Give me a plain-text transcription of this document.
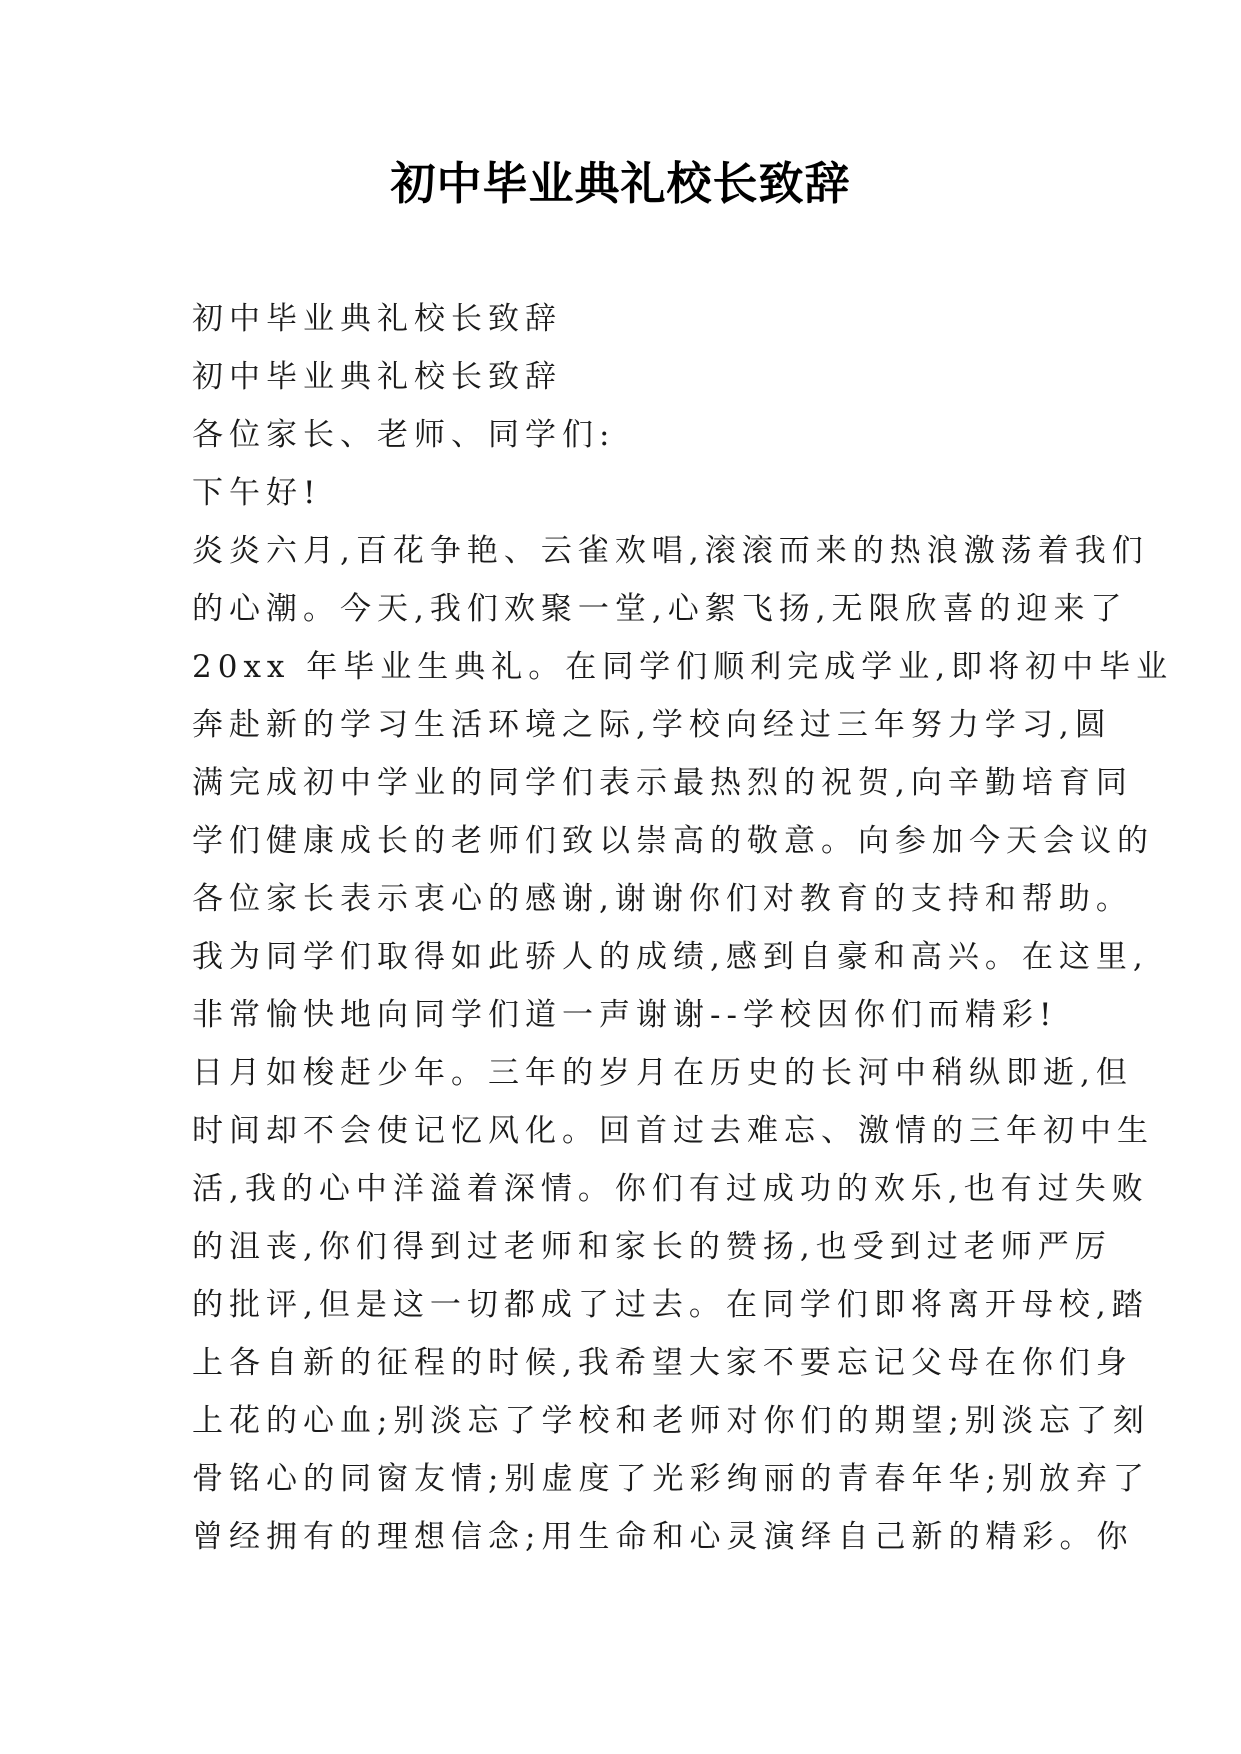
初中毕业典礼校长致辞
初中毕业典礼校长致辞
初中毕业典礼校长致辞
各位家长、老师、同学们:
下午好!
炎炎六月,百花争艳、云雀欢唱,滚滚而来的热浪激荡着我们
的心潮。今天,我们欢聚一堂,心絮飞扬,无限欣喜的迎来了
20xx 年毕业生典礼。在同学们顺利完成学业,即将初中毕业
奔赴新的学习生活环境之际,学校向经过三年努力学习,圆
满完成初中学业的同学们表示最热烈的祝贺,向辛勤培育同
学们健康成长的老师们致以崇高的敬意。向参加今天会议的
各位家长表示衷心的感谢,谢谢你们对教育的支持和帮助。
我为同学们取得如此骄人的成绩,感到自豪和高兴。在这里,
非常愉快地向同学们道一声谢谢--学校因你们而精彩!
日月如梭赶少年。三年的岁月在历史的长河中稍纵即逝,但
时间却不会使记忆风化。回首过去难忘、激情的三年初中生
活,我的心中洋溢着深情。你们有过成功的欢乐,也有过失败
的沮丧,你们得到过老师和家长的赞扬,也受到过老师严厉
的批评,但是这一切都成了过去。在同学们即将离开母校,踏
上各自新的征程的时候,我希望大家不要忘记父母在你们身
上花的心血;别淡忘了学校和老师对你们的期望;别淡忘了刻
骨铭心的同窗友情;别虚度了光彩绚丽的青春年华;别放弃了
曾经拥有的理想信念;用生命和心灵演绎自己新的精彩。你
